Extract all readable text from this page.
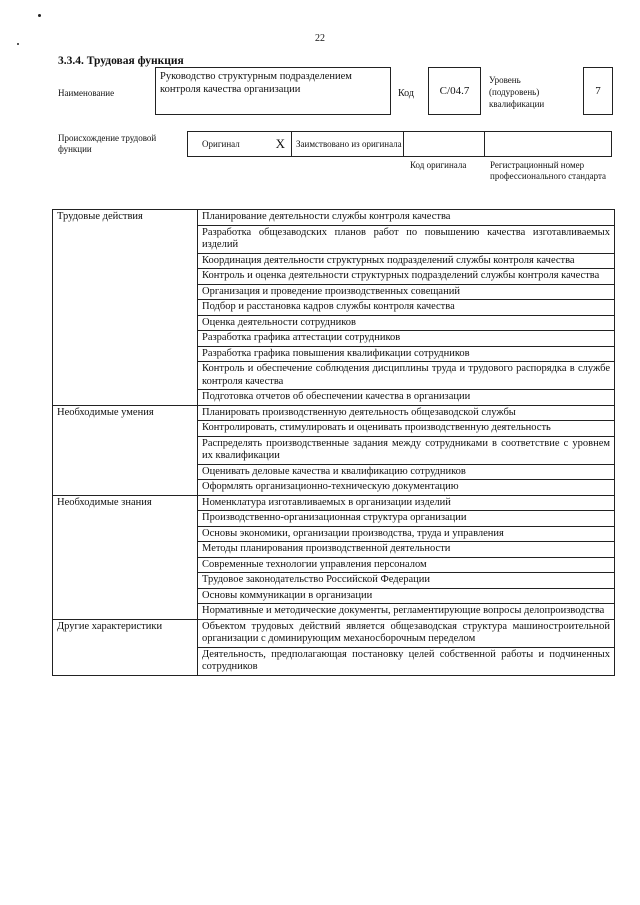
22
3.3.4. Трудовая функция
Наименование
Руководство структурным подразделением контроля качества организации	Код C/04.7
Уровень (подуровень) квалификации
7
Происхождение трудовой функции	Оригинал	X Заимствовано из оригинала
Код оригинала	Регистрационный номер профессионального стандарта
Трудовые действия	Планирование деятельности службы контроля качества
	Разработка общезаводских планов работ по повышению качества изготавливаемых изделий
	Координация деятельности структурных подразделений службы контроля качества
	Контроль и оценка деятельности структурных подразделений службы контроля качества
	Организация и проведение производственных совещаний
	Подбор и расстановка кадров службы контроля качества
	Оценка деятельности сотрудников
	Разработка графика аттестации сотрудников
	Разработка графика повышения квалификации сотрудников
	Контроль и обеспечение соблюдения дисциплины труда и трудового распорядка в службе контроля качества
	Подготовка отчетов об обеспечении качества в организации
Необходимые умения	Планировать производственную деятельность общезаводской службы
	Контролировать, стимулировать и оценивать производственную деятельность
	Распределять производственные задания между сотрудниками в соответствие с уровнем их квалификации
	Оценивать деловые качества и квалификацию сотрудников
	Оформлять организационно-техническую документацию
Необходимые знания	Номенклатура изготавливаемых в организации изделий
	Производственно-организационная структура организации
	Основы экономики, организации производства, труда и управления
	Методы планирования производственной деятельности
	Современные технологии управления персоналом
	Трудовое законодательство Российской Федерации
	Основы коммуникации в организации
	Нормативные и методические документы, регламентирующие вопросы делопроизводства
Другие характеристики	Объектом трудовых действий является общезаводская структура машиностроительной организации с доминирующим механосборочным переделом
	Деятельность, предполагающая постановку целей собственной работы и подчиненных сотрудников
